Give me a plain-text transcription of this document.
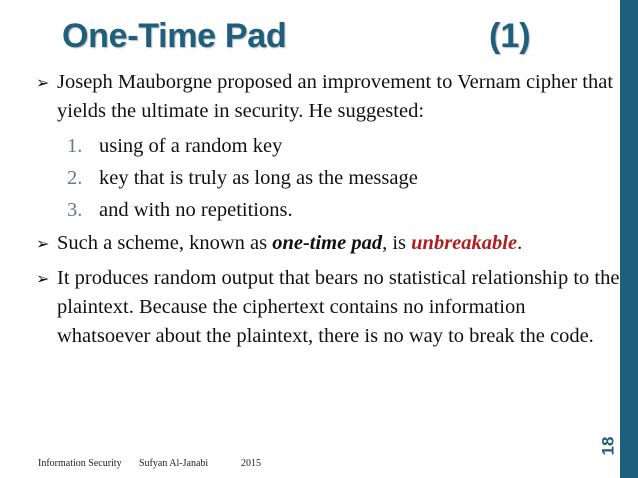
One-Time Pad	(1)
➢ Joseph Mauborgne proposed an improvement to Vernam cipher that yields the ultimate in security. He suggested:
1. using of a random key
2. key that is truly as long as the message
3. and with no repetitions.
➢ Such a scheme, known as one-time pad, is unbreakable.
➢ It produces random output that bears no statistical relationship to the plaintext. Because the ciphertext contains no information whatsoever about the plaintext, there is no way to break the code.
18
Information Security Sufyan Al-Janabi	2015
